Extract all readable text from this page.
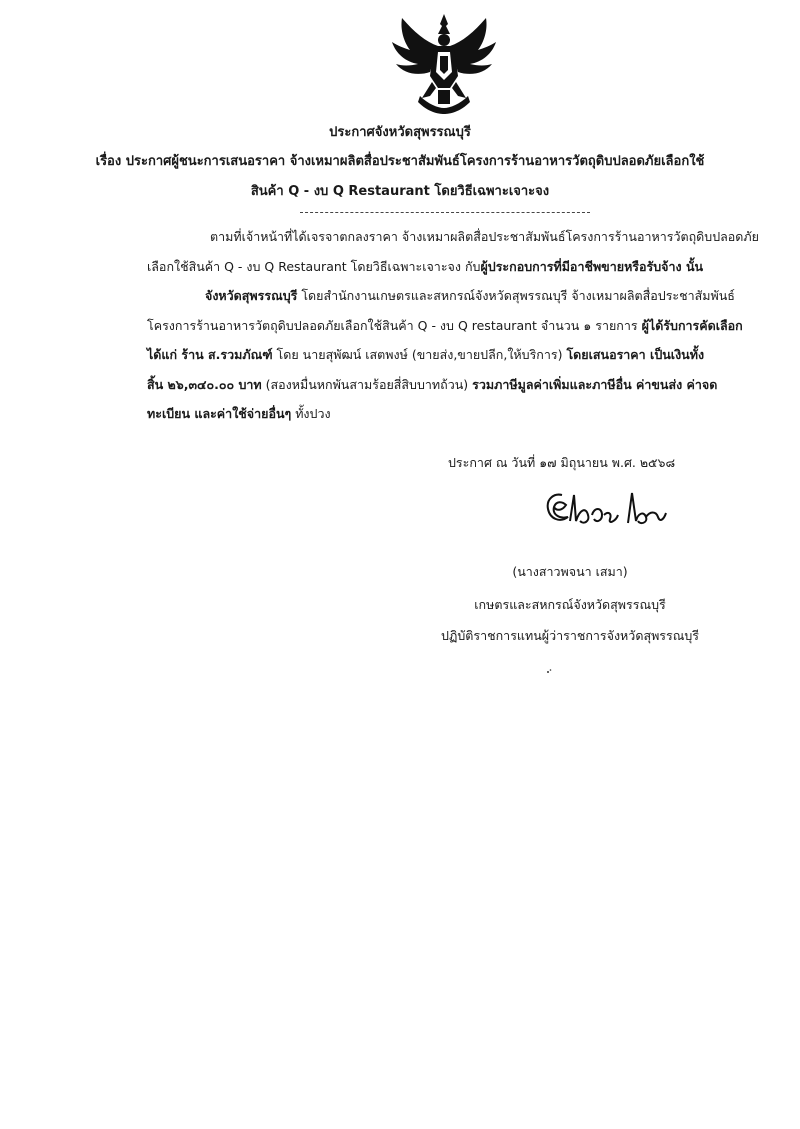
ประกาศจังหวัดสุพรรณบุรี
เรื่อง ประกาศผู้ชนะการเสนอราคา จ้างเหมาผลิตสื่อประชาสัมพันธ์โครงการร้านอาหารวัตถุดิบปลอดภัยเลือกใช้
สินค้า Q - งบ Q Restaurant โดยวิธีเฉพาะเจาะจง
ตามที่เจ้าหน้าที่ได้เจรจาตกลงราคา จ้างเหมาผลิตสื่อประชาสัมพันธ์โครงการร้านอาหารวัตถุดิบปลอดภัย
เลือกใช้สินค้า Q - งบ Q Restaurant โดยวิธีเฉพาะเจาะจง กับผู้ประกอบการที่มีอาชีพขายหรือรับจ้าง นั้น
จังหวัดสุพรรณบุรี โดยสำนักงานเกษตรและสหกรณ์จังหวัดสุพรรณบุรี จ้างเหมาผลิตสื่อประชาสัมพันธ์
โครงการร้านอาหารวัตถุดิบปลอดภัยเลือกใช้สินค้า Q - งบ Q restaurant จำนวน ๑ รายการ ผู้ได้รับการคัดเลือก
ได้แก่ ร้าน ส.รวมภัณฑ์ โดย นายสุพัฒน์ เสตพงษ์ (ขายส่ง,ขายปลีก,ให้บริการ) โดยเสนอราคา เป็นเงินทั้ง
สิ้น ๒๖,๓๔๐.๐๐ บาท (สองหมื่นหกพันสามร้อยสี่สิบบาทถ้วน) รวมภาษีมูลค่าเพิ่มและภาษีอื่น ค่าขนส่ง ค่าจด
ทะเบียน และค่าใช้จ่ายอื่นๆ ทั้งปวง
ประกาศ ณ วันที่ ๑๗ มิถุนายน พ.ศ. ๒๕๖๘
(นางสาวพจนา เสมา)
เกษตรและสหกรณ์จังหวัดสุพรรณบุรี
ปฏิบัติราชการแทนผู้ว่าราชการจังหวัดสุพรรณบุรี
